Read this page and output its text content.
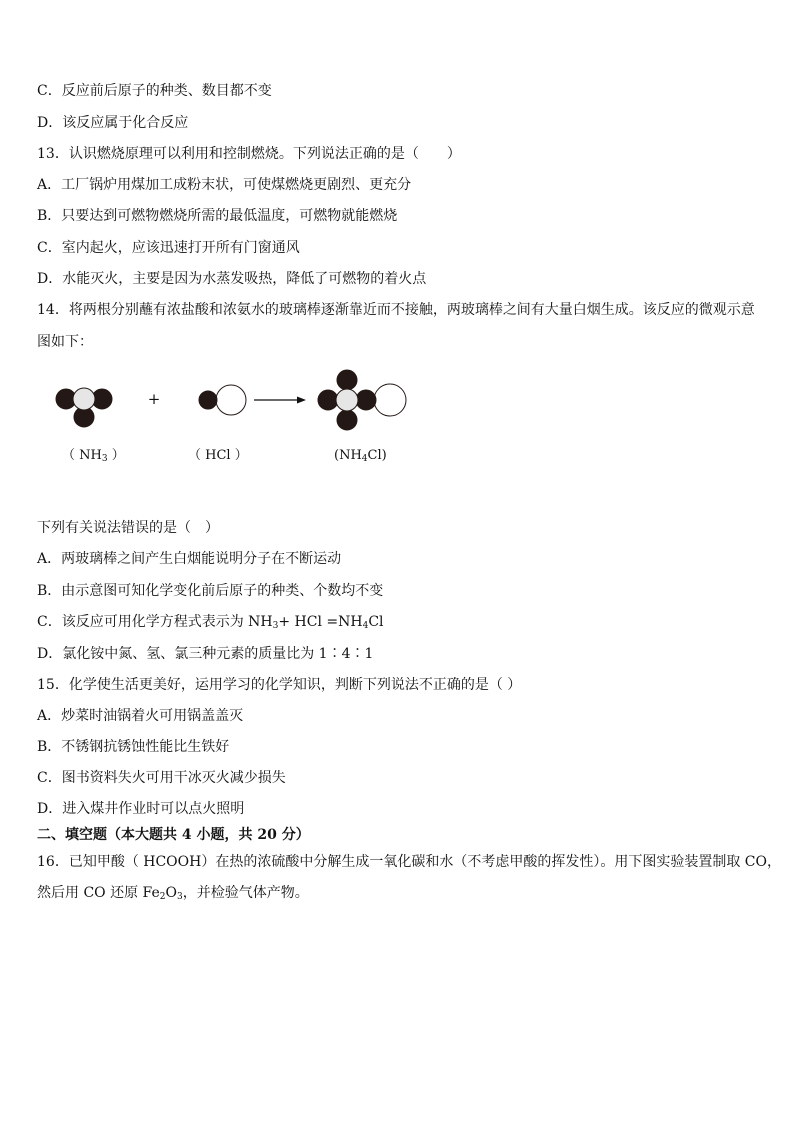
C．反应前后原子的种类、数目都不变
D．该反应属于化合反应
13．认识燃烧原理可以利用和控制燃烧。下列说法正确的是（　　）
A．工厂锅炉用煤加工成粉末状，可使煤燃烧更剧烈、更充分
B．只要达到可燃物燃烧所需的最低温度，可燃物就能燃烧
C．室内起火，应该迅速打开所有门窗通风
D．水能灭火，主要是因为水蒸发吸热，降低了可燃物的着火点
14．将两根分别蘸有浓盐酸和浓氨水的玻璃棒逐渐靠近而不接触，两玻璃棒之间有大量白烟生成。该反应的微观示意
图如下：
+
（ $NH_3$ ）	（ HCl ）	$(NH_4Cl)$
下列有关说法错误的是（　）
A．两玻璃棒之间产生白烟能说明分子在不断运动
B．由示意图可知化学变化前后原子的种类、个数均不变
C．该反应可用化学方程式表示为 $NH_3+$ HCl $=NH_4Cl$
D．氯化铵中氮、氢、氯三种元素的质量比为 1∶4∶1
15．化学使生活更美好，运用学习的化学知识，判断下列说法不正确的是（ ）
A．炒菜时油锅着火可用锅盖盖灭
B．不锈钢抗锈蚀性能比生铁好
C．图书资料失火可用干冰灭火减少损失
D．进入煤井作业时可以点火照明
二、填空题（本大题共 4 小题，共 20 分）
16．已知甲酸（ HCOOH）在热的浓硫酸中分解生成一氧化碳和水（不考虑甲酸的挥发性）。用下图实验装置制取 CO，
然后用 CO 还原 $Fe_2O_3$，并检验气体产物。
